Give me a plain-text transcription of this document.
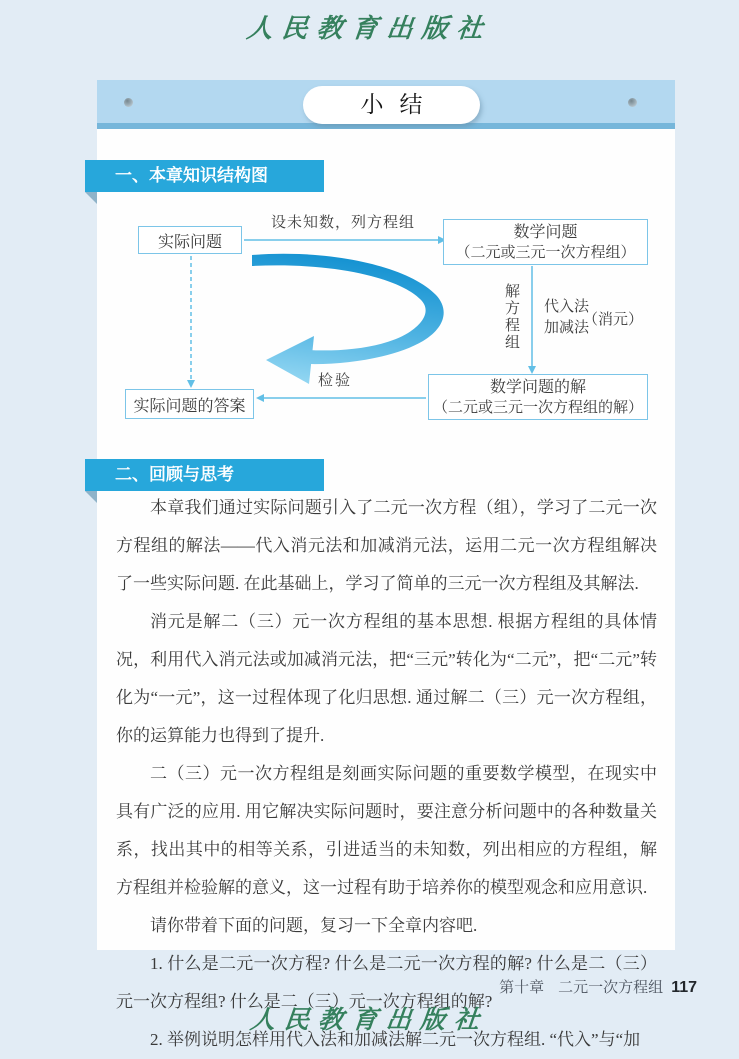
人民教育出版社
小结
一、本章知识结构图
实际问题
数学问题
（二元或三元一次方程组）
数学问题的解
（二元或三元一次方程组的解）
实际问题的答案
设未知数，列方程组
解方程组
代入法
加减法
（消元）
检验
二、回顾与思考

本章我们通过实际问题引入了二元一次方程（组），学习了二元一次方程组的解法——代入消元法和加减消元法，运用二元一次方程组解决了一些实际问题. 在此基础上，学习了简单的三元一次方程组及其解法.

消元是解二（三）元一次方程组的基本思想. 根据方程组的具体情况，利用代入消元法或加减消元法，把“三元”转化为“二元”，把“二元”转化为“一元”，这一过程体现了化归思想. 通过解二（三）元一次方程组，你的运算能力也得到了提升.

二（三）元一次方程组是刻画实际问题的重要数学模型，在现实中具有广泛的应用. 用它解决实际问题时，要注意分析问题中的各种数量关系，找出其中的相等关系，引进适当的未知数，列出相应的方程组，解方程组并检验解的意义，这一过程有助于培养你的模型观念和应用意识.

请你带着下面的问题，复习一下全章内容吧.

1. 什么是二元一次方程? 什么是二元一次方程的解? 什么是二（三）元一次方程组? 什么是二（三）元一次方程组的解?

2. 举例说明怎样用代入法和加减法解二元一次方程组. “代入”与“加

第十章 二元一次方程组 117
人民教育出版社
